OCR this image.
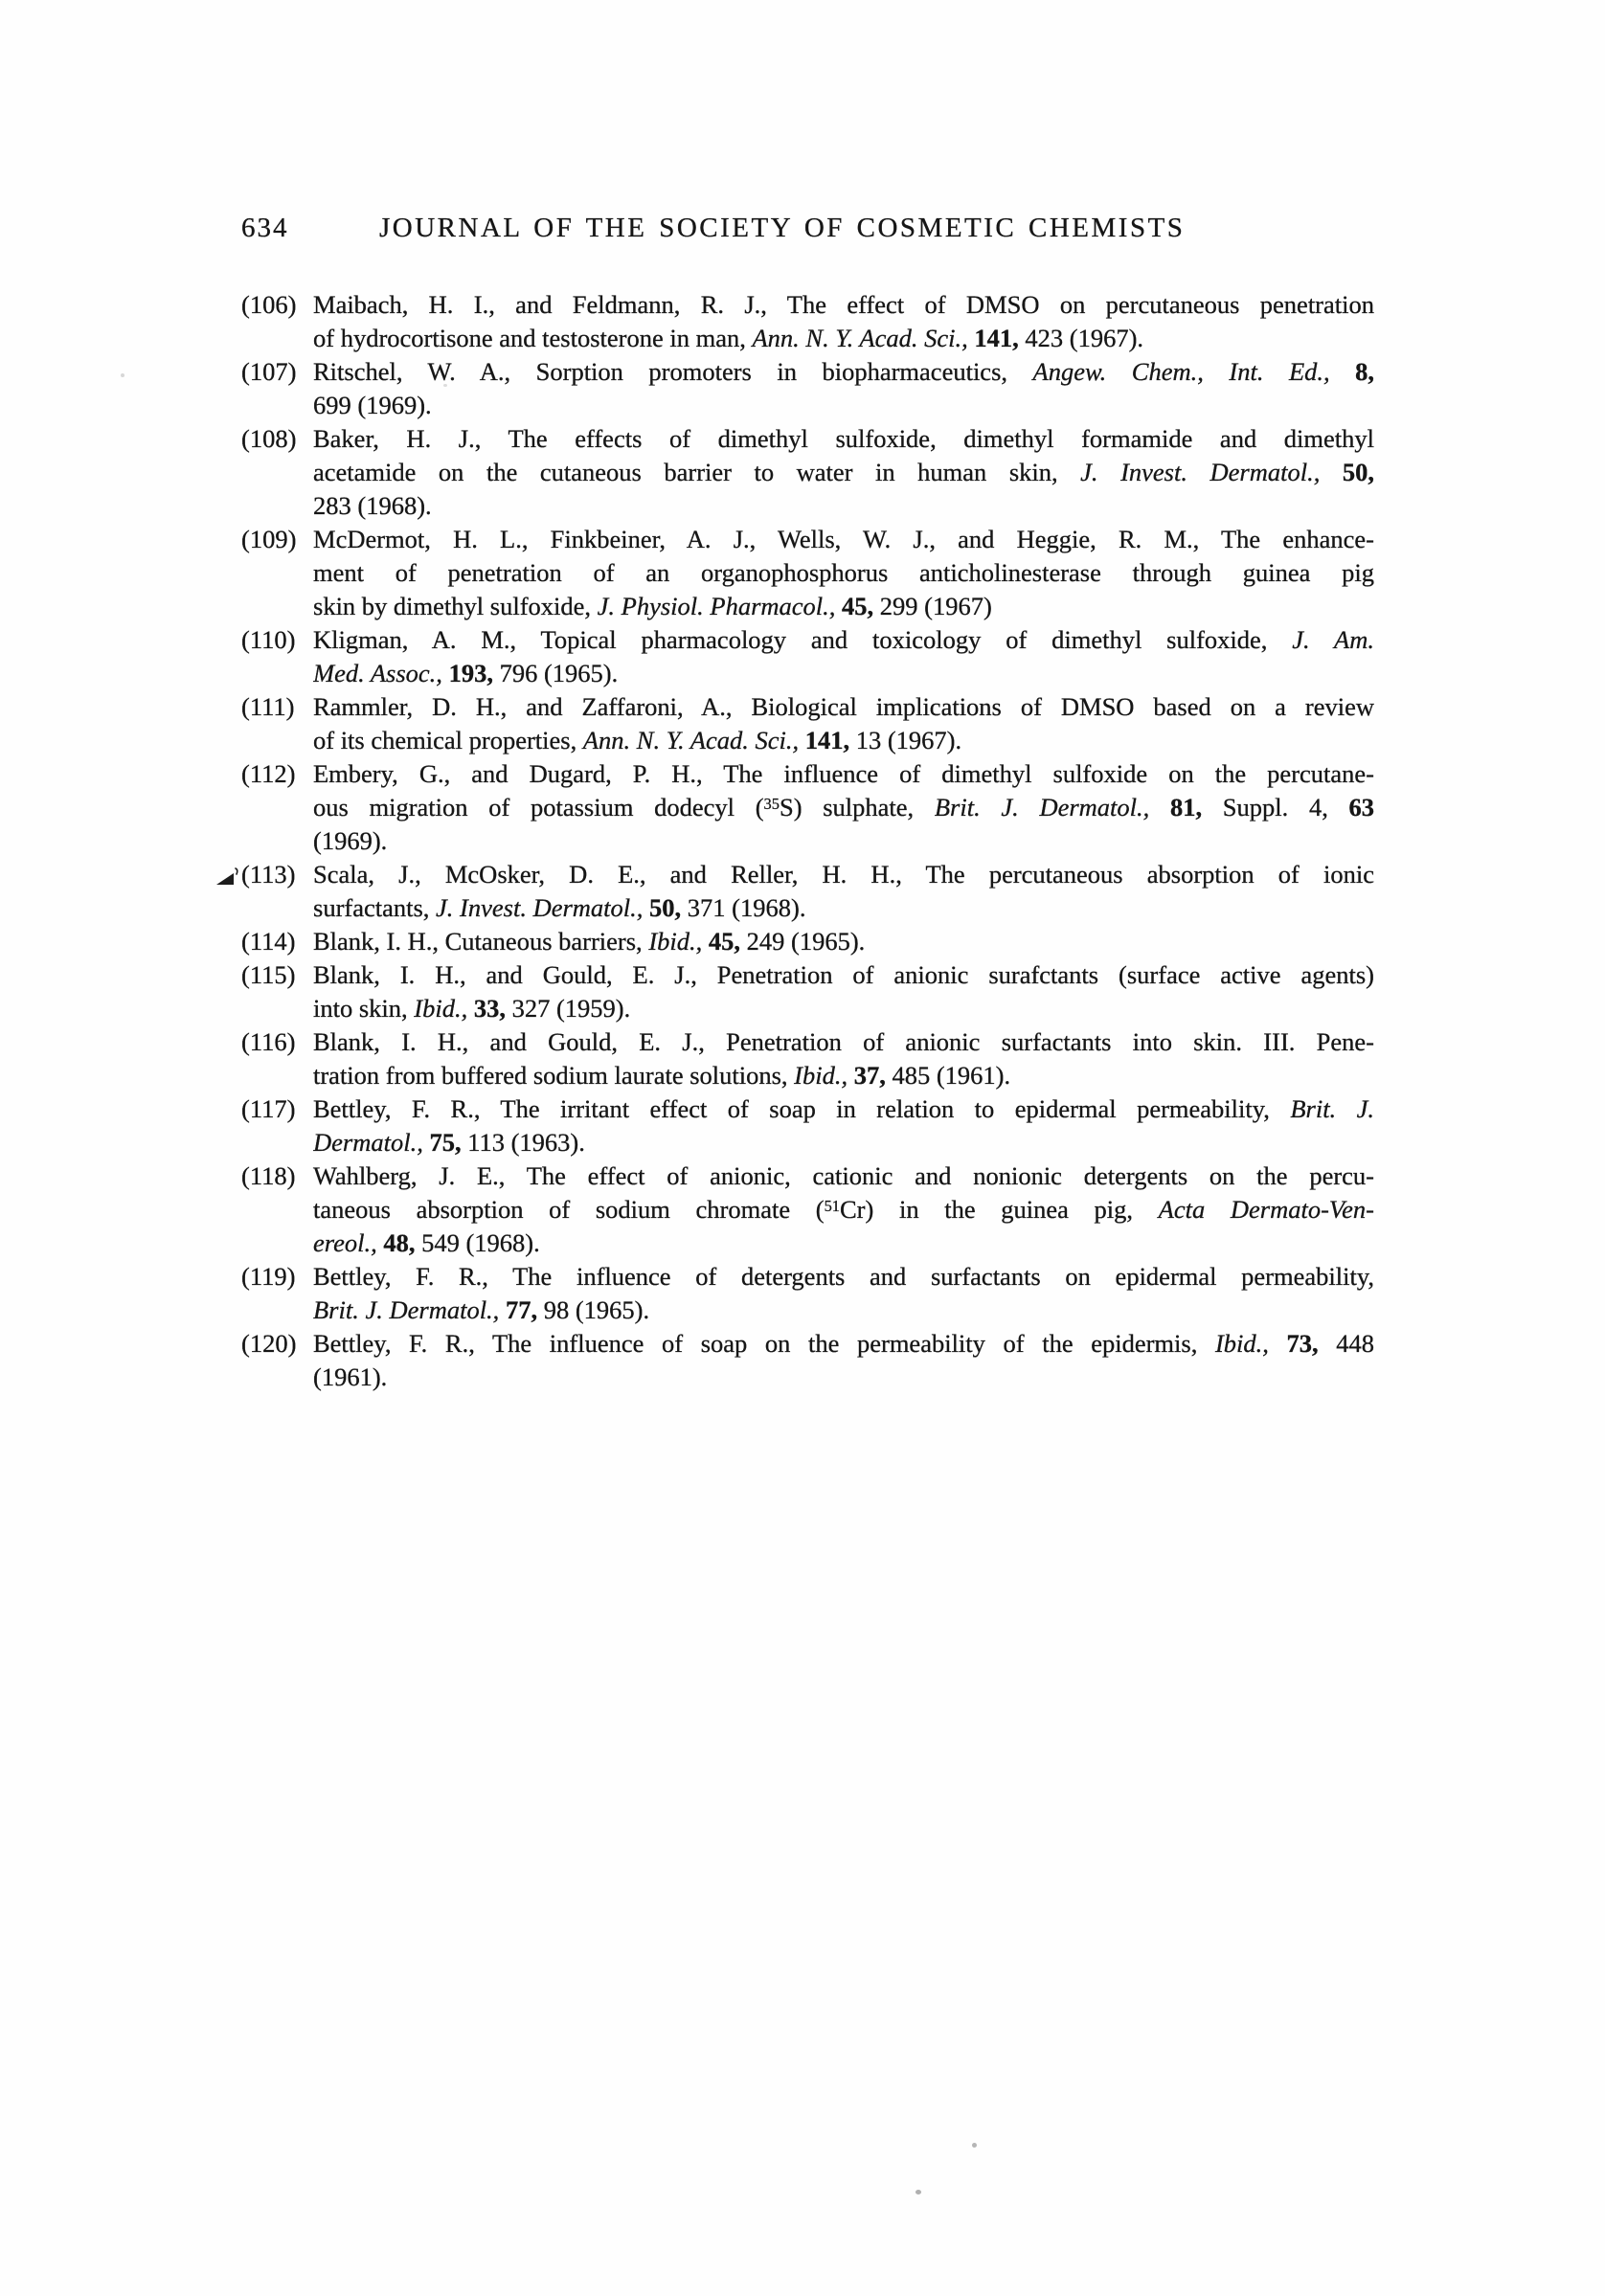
634	JOURNAL OF THE SOCIETY OF COSMETIC CHEMISTS
(106) Maibach, H. I., and Feldmann, R. J., The effect of DMSO on percutaneous penetration
of hydrocortisone and testosterone in man, Ann. N. Y. Acad. Sci., 141, 423 (1967).
(107) Ritschel, W. A., Sorption promoters in biopharmaceutics, Angew. Chem., Int. Ed., 8,
699 (1969).
(108) Baker, H. J., The effects of dimethyl sulfoxide, dimethyl formamide and dimethyl
acetamide on the cutaneous barrier to water in human skin, J. Invest. Dermatol., 50,
283 (1968).
(109) McDermot, H. L., Finkbeiner, A. J., Wells, W. J., and Heggie, R. M., The enhance-
ment of penetration of an organophosphorus anticholinesterase through guinea pig
skin by dimethyl sulfoxide, J. Physiol. Pharmacol., 45, 299 (1967)
(110) Kligman, A. M., Topical pharmacology and toxicology of dimethyl sulfoxide, J. Am.
Med. Assoc., 193, 796 (1965).
(111) Rammler, D. H., and Zaffaroni, A., Biological implications of DMSO based on a review
of its chemical properties, Ann. N. Y. Acad. Sci., 141, 13 (1967).
(112) Embery, G., and Dugard, P. H., The influence of dimethyl sulfoxide on the percutane-
ous migration of potassium dodecyl ($^{35}$S) sulphate, Brit. J. Dermatol., 81, Suppl. 4, 63
(1969).
(113) Scala, J., McOsker, D. E., and Reller, H. H., The percutaneous absorption of ionic
surfactants, J. Invest. Dermatol., 50, 371 (1968).
(114) Blank, I. H., Cutaneous barriers, Ibid., 45, 249 (1965).
(115) Blank, I. H., and Gould, E. J., Penetration of anionic surafctants (surface active agents)
into skin, Ibid., 33, 327 (1959).
(116) Blank, I. H., and Gould, E. J., Penetration of anionic surfactants into skin. III. Pene-
tration from buffered sodium laurate solutions, Ibid., 37, 485 (1961).
(117) Bettley, F. R., The irritant effect of soap in relation to epidermal permeability, Brit. J.
Dermatol., 75, 113 (1963).
(118) Wahlberg, J. E., The effect of anionic, cationic and nonionic detergents on the percu-
taneous absorption of sodium chromate ($^{51}$Cr) in the guinea pig, Acta Dermato-Ven-
ereol., 48, 549 (1968).
(119) Bettley, F. R., The influence of detergents and surfactants on epidermal permeability,
Brit. J. Dermatol., 77, 98 (1965).
(120) Bettley, F. R., The influence of soap on the permeability of the epidermis, Ibid., 73, 448
(1961).
